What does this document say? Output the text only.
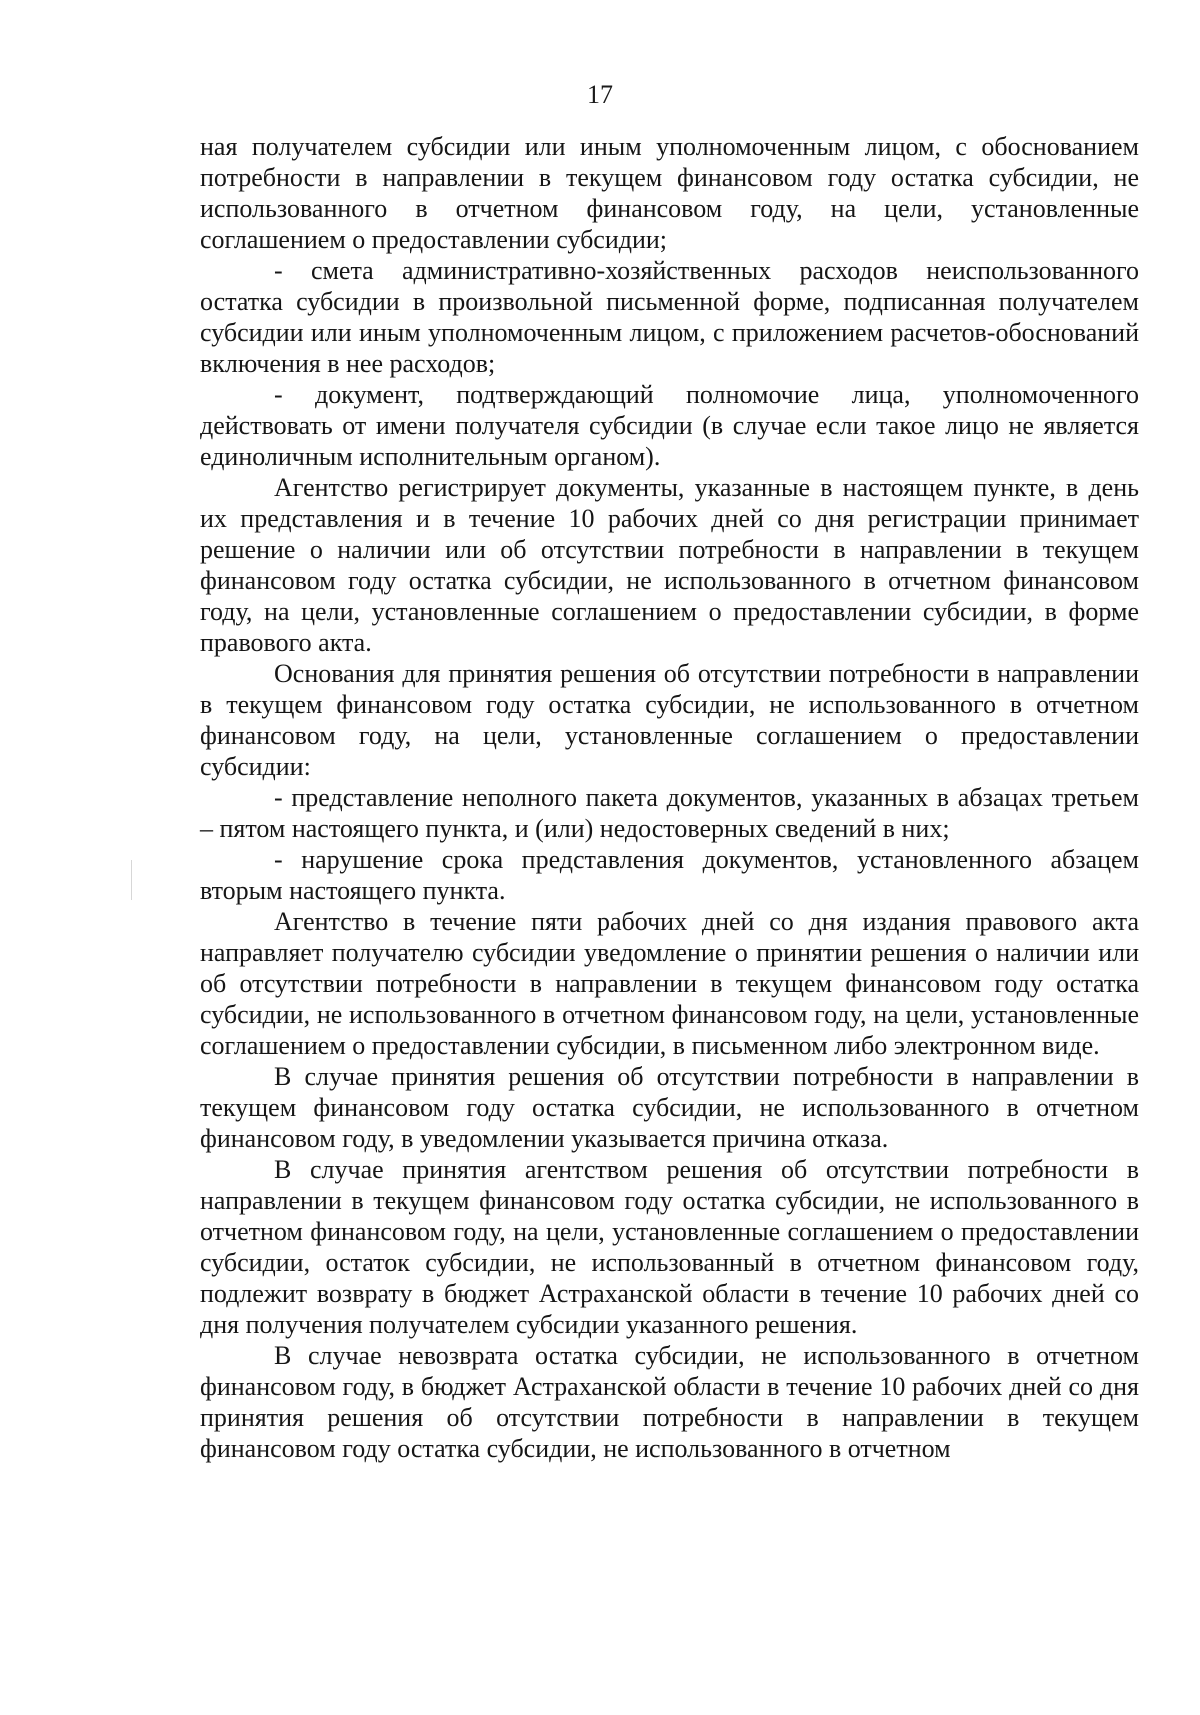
17

ная получателем субсидии или иным уполномоченным лицом, с обоснованием потребности в направлении в текущем финансовом году остатка субсидии, не использованного в отчетном финансовом году, на цели, установленные соглашением о предоставлении субсидии;

- смета административно-хозяйственных расходов неиспользованного остатка субсидии в произвольной письменной форме, подписанная получателем субсидии или иным уполномоченным лицом, с приложением расчетов-обоснований включения в нее расходов;

- документ, подтверждающий полномочие лица, уполномоченного действовать от имени получателя субсидии (в случае если такое лицо не является единоличным исполнительным органом).

Агентство регистрирует документы, указанные в настоящем пункте, в день их представления и в течение 10 рабочих дней со дня регистрации принимает решение о наличии или об отсутствии потребности в направлении в текущем финансовом году остатка субсидии, не использованного в отчетном финансовом году, на цели, установленные соглашением о предоставлении субсидии, в форме правового акта.

Основания для принятия решения об отсутствии потребности в направлении в текущем финансовом году остатка субсидии, не использованного в отчетном финансовом году, на цели, установленные соглашением о предоставлении субсидии:

- представление неполного пакета документов, указанных в абзацах третьем – пятом настоящего пункта, и (или) недостоверных сведений в них;

- нарушение срока представления документов, установленного абзацем вторым настоящего пункта.

Агентство в течение пяти рабочих дней со дня издания правового акта направляет получателю субсидии уведомление о принятии решения о наличии или об отсутствии потребности в направлении в текущем финансовом году остатка субсидии, не использованного в отчетном финансовом году, на цели, установленные соглашением о предоставлении субсидии, в письменном либо электронном виде.

В случае принятия решения об отсутствии потребности в направлении в текущем финансовом году остатка субсидии, не использованного в отчетном финансовом году, в уведомлении указывается причина отказа.

В случае принятия агентством решения об отсутствии потребности в направлении в текущем финансовом году остатка субсидии, не использованного в отчетном финансовом году, на цели, установленные соглашением о предоставлении субсидии, остаток субсидии, не использованный в отчетном финансовом году, подлежит возврату в бюджет Астраханской области в течение 10 рабочих дней со дня получения получателем субсидии указанного решения.

В случае невозврата остатка субсидии, не использованного в отчетном финансовом году, в бюджет Астраханской области в течение 10 рабочих дней со дня принятия решения об отсутствии потребности в направлении в текущем финансовом году остатка субсидии, не использованного в отчетном
